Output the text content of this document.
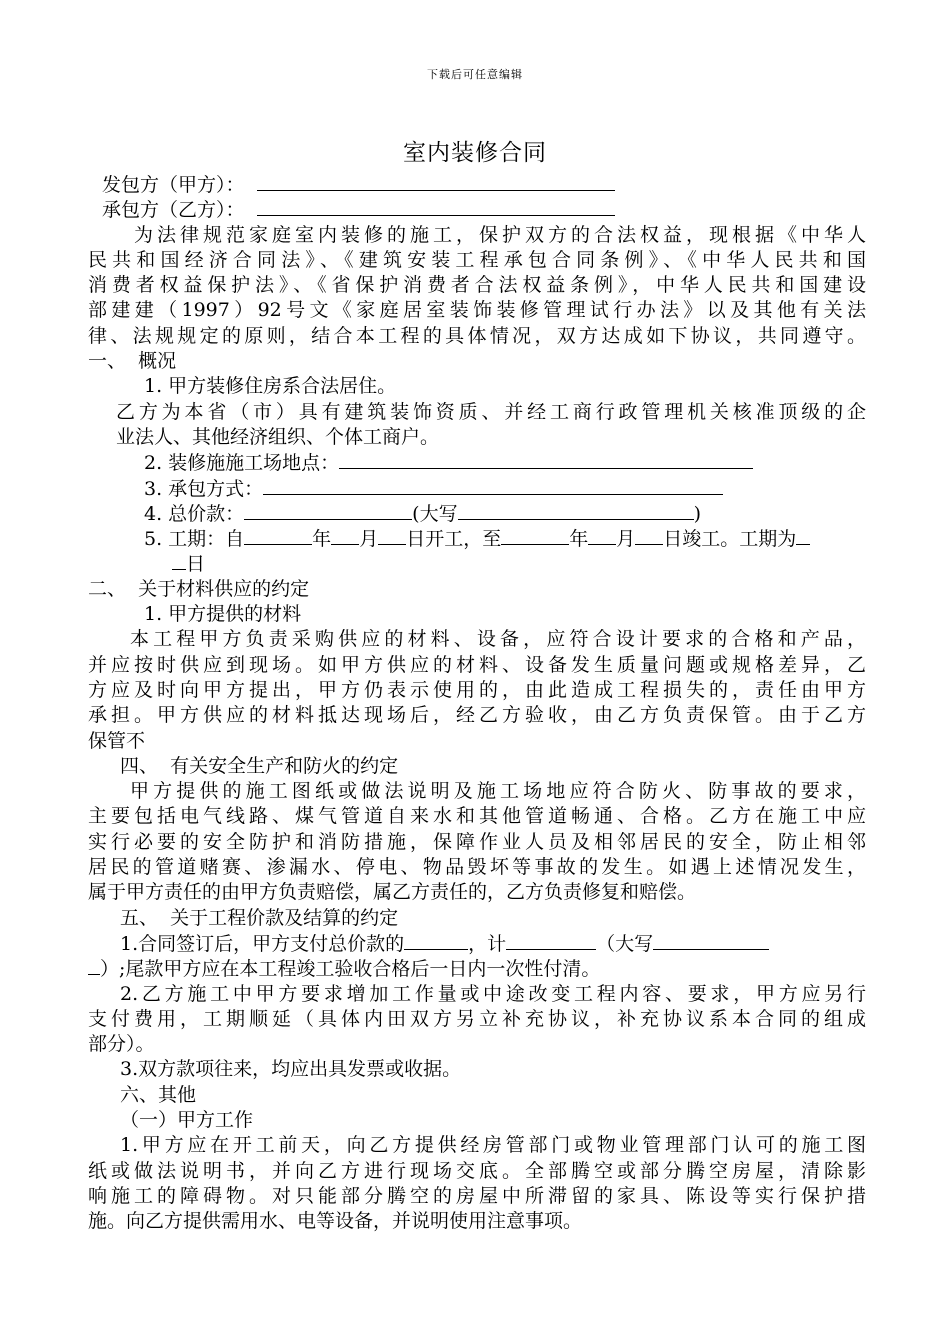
下载后可任意编辑
室内装修合同
发包方（甲方）：
承包方（乙方）：
为法律规范家庭室内装修的施工，保护双方的合法权益，现根据《中华人
民共和国经济合同法》、《建筑安装工程承包合同条例》、《中华人民共和国
消费者权益保护法》、《省保护消费者合法权益条例》，中华人民共和国建设
部建建（1997）92号文《家庭居室装饰装修管理试行办法》以及其他有关法
律、法规规定的原则，结合本工程的具体情况，双方达成如下协议，共同遵守。
一、  概况
1. 甲方装修住房系合法居住。
乙方为本省（市）具有建筑装饰资质、并经工商行政管理机关核准顶级的企
业法人、其他经济组织、个体工商户。
2. 装修施施工场地点：
3. 承包方式：
4. 总价款：	(大写	)
5. 工期：自	年 月 日开工，至	年 月 日竣工。工期为
日
二、  关于材料供应的约定
1. 甲方提供的材料
本工程甲方负责采购供应的材料、设备，应符合设计要求的合格和产品，
并应按时供应到现场。如甲方供应的材料、设备发生质量问题或规格差异，乙
方应及时向甲方提出，甲方仍表示使用的，由此造成工程损失的，责任由甲方
承担。甲方供应的材料抵达现场后，经乙方验收，由乙方负责保管。由于乙方
保管不
四、  有关安全生产和防火的约定
甲方提供的施工图纸或做法说明及施工场地应符合防火、防事故的要求，
主要包括电气线路、煤气管道自来水和其他管道畅通、合格。乙方在施工中应
实行必要的安全防护和消防措施，保障作业人员及相邻居民的安全，防止相邻
居民的管道赌赛、渗漏水、停电、物品毁坏等事故的发生。如遇上述情况发生，
属于甲方责任的由甲方负责赔偿，属乙方责任的，乙方负责修复和赔偿。
五、  关于工程价款及结算的约定
1.合同签订后，甲方支付总价款的	，计	（大写
）;尾款甲方应在本工程竣工验收合格后一日内一次性付清。
2.乙方施工中甲方要求增加工作量或中途改变工程内容、要求，甲方应另行
支付费用，工期顺延（具体内田双方另立补充协议，补充协议系本合同的组成
部分）。
3.双方款项往来，均应出具发票或收据。
六、其他
（一）甲方工作
1.甲方应在开工前天，向乙方提供经房管部门或物业管理部门认可的施工图
纸或做法说明书，并向乙方进行现场交底。全部腾空或部分腾空房屋，清除影
响施工的障碍物。对只能部分腾空的房屋中所滞留的家具、陈设等实行保护措
施。向乙方提供需用水、电等设备，并说明使用注意事项。
